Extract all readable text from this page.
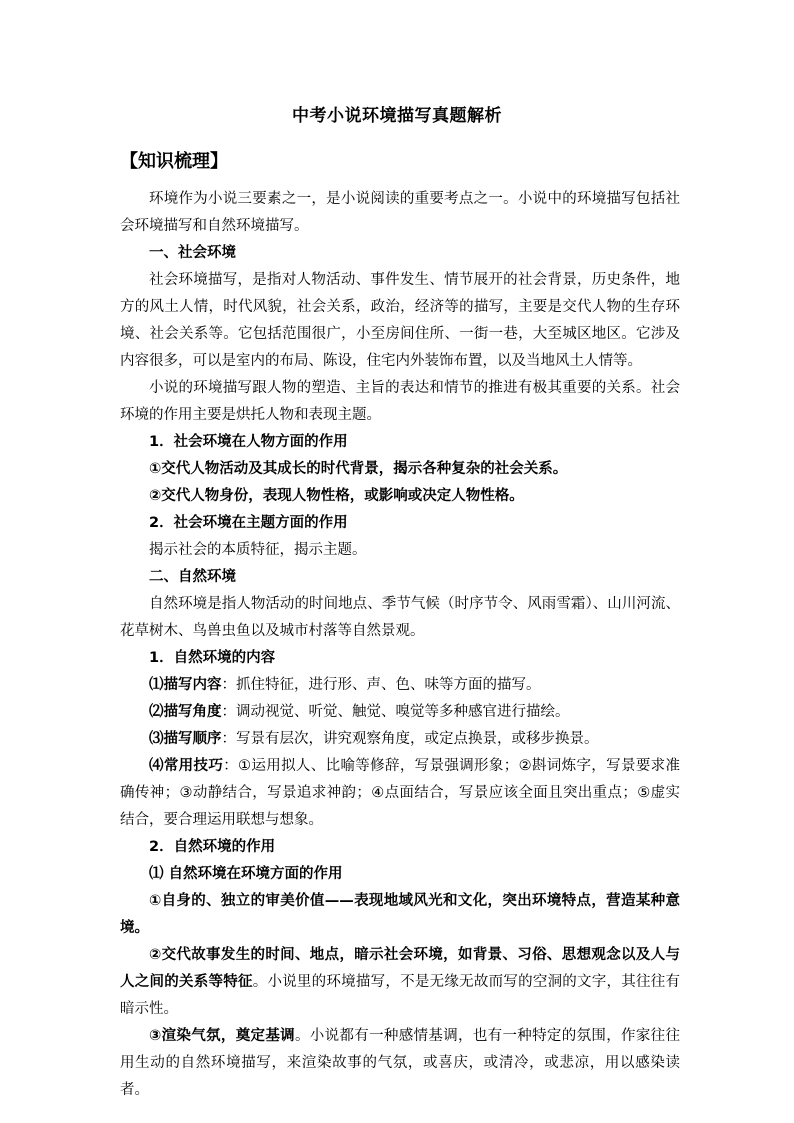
中考小说环境描写真题解析
【知识梳理】

环境作为小说三要素之一，是小说阅读的重要考点之一。小说中的环境描写包括社会环境描写和自然环境描写。

一、社会环境

社会环境描写，是指对人物活动、事件发生、情节展开的社会背景，历史条件，地方的风土人情，时代风貌，社会关系，政治，经济等的描写，主要是交代人物的生存环境、社会关系等。它包括范围很广，小至房间住所、一街一巷，大至城区地区。它涉及内容很多，可以是室内的布局、陈设，住宅内外装饰布置，以及当地风土人情等。

小说的环境描写跟人物的塑造、主旨的表达和情节的推进有极其重要的关系。社会环境的作用主要是烘托人物和表现主题。

1．社会环境在人物方面的作用

①交代人物活动及其成长的时代背景，揭示各种复杂的社会关系。

②交代人物身份，表现人物性格，或影响或决定人物性格。

2．社会环境在主题方面的作用

揭示社会的本质特征，揭示主题。

二、自然环境

自然环境是指人物活动的时间地点、季节气候（时序节令、风雨雪霜）、山川河流、花草树木、鸟兽虫鱼以及城市村落等自然景观。

1．自然环境的内容

⑴描写内容：抓住特征，进行形、声、色、味等方面的描写。

⑵描写角度：调动视觉、听觉、触觉、嗅觉等多种感官进行描绘。

⑶描写顺序：写景有层次，讲究观察角度，或定点换景，或移步换景。

⑷常用技巧：①运用拟人、比喻等修辞，写景强调形象；②斟词炼字，写景要求准确传神；③动静结合，写景追求神韵；④点面结合，写景应该全面且突出重点；⑤虚实结合，要合理运用联想与想象。

2．自然环境的作用

⑴ 自然环境在环境方面的作用

①自身的、独立的审美价值——表现地域风光和文化，突出环境特点，营造某种意境。

②交代故事发生的时间、地点，暗示社会环境，如背景、习俗、思想观念以及人与人之间的关系等特征。小说里的环境描写，不是无缘无故而写的空洞的文字，其往往有暗示性。

③渲染气氛，奠定基调。小说都有一种感情基调，也有一种特定的氛围，作家往往用生动的自然环境描写，来渲染故事的气氛，或喜庆，或清冷，或悲凉，用以感染读者。
